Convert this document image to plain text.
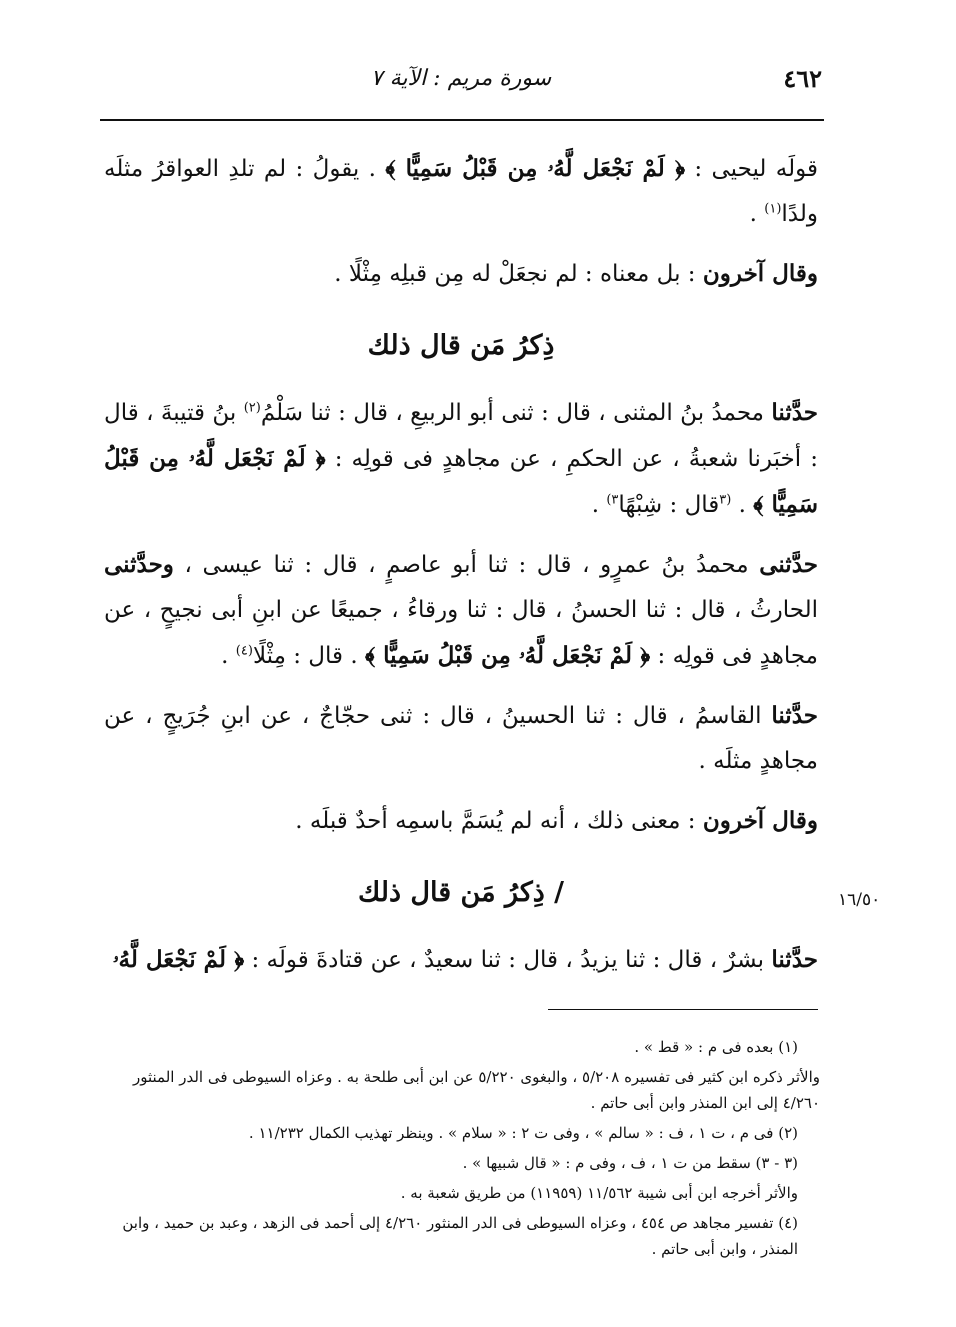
٤٦٢
سورة مريم : الآية ٧

قولَه ليحيى : ﴿ لَمْ نَجْعَل لَّهُۥ مِن قَبْلُ سَمِيًّا ﴾ . يقولُ : لم تلدِ العواقرُ مثلَه ولدًا$^{(١)}$ .

وقال آخرون : بل معناه : لم نجعَلْ له مِن قبلِه مِثْلًا .

ذِكرُ مَن قال ذلك

حدَّثنا محمدُ بنُ المثنى ، قال : ثنى أبو الربيعِ ، قال : ثنا سَلْمُ$^{(٢)}$ بنُ قتيبةَ ، قال : أخبَرنا شعبةُ ، عن الحكمِ ، عن مجاهدٍ فى قولِه : ﴿ لَمْ نَجْعَل لَّهُۥ مِن قَبْلُ سَمِيًّا ﴾ . $^{(٣}$قال : شِبْهًا$^{٣)}$ .

حدَّثنى محمدُ بنُ عمرٍو ، قال : ثنا أبو عاصمٍ ، قال : ثنا عيسى ، وحدَّثنى الحارثُ ، قال : ثنا الحسنُ ، قال : ثنا ورقاءُ ، جميعًا عن ابنِ أبى نجيحٍ ، عن مجاهدٍ فى قولِه : ﴿ لَمْ نَجْعَل لَّهُۥ مِن قَبْلُ سَمِيًّا ﴾ . قال : مِثْلًا$^{(٤)}$ .

حدَّثنا القاسمُ ، قال : ثنا الحسينُ ، قال : ثنى حجّاجٌ ، عن ابنِ جُرَيجٍ ، عن مجاهدٍ مثلَه .

وقال آخرون : معنى ذلك ، أنه لم يُسَمَّ باسمِه أحدٌ قبلَه .

/ ذِكرُ مَن قال ذلك

حدَّثنا بشرٌ ، قال : ثنا يزيدُ ، قال : ثنا سعيدٌ ، عن قتادةَ قولَه : ﴿ لَمْ نَجْعَل لَّهُۥ

١٦/٥٠

(١) بعده فى م : « قط » .

والأثر ذكره ابن كثير فى تفسيره ٥/٢٠٨ ، والبغوى ٥/٢٢٠ عن ابن أبى طلحة به . وعزاه السيوطى فى الدر المنثور ٤/٢٦٠ إلى ابن المنذر وابن أبى حاتم .

(٢) فى م ، ت ١ ، ف : « سالم » ، وفى ت ٢ : « سلام » . وينظر تهذيب الكمال ١١/٢٣٢ .

(٣ - ٣) سقط من ت ١ ، ف ، وفى م : « قال شبيها » .

والأثر أخرجه ابن أبى شيبة ١١/٥٦٢ (١١٩٥٩) من طريق شعبة به .

(٤) تفسير مجاهد ص ٤٥٤ ، وعزاه السيوطى فى الدر المنثور ٤/٢٦٠ إلى أحمد فى الزهد ، وعبد بن حميد ، وابن المنذر ، وابن أبى حاتم .
